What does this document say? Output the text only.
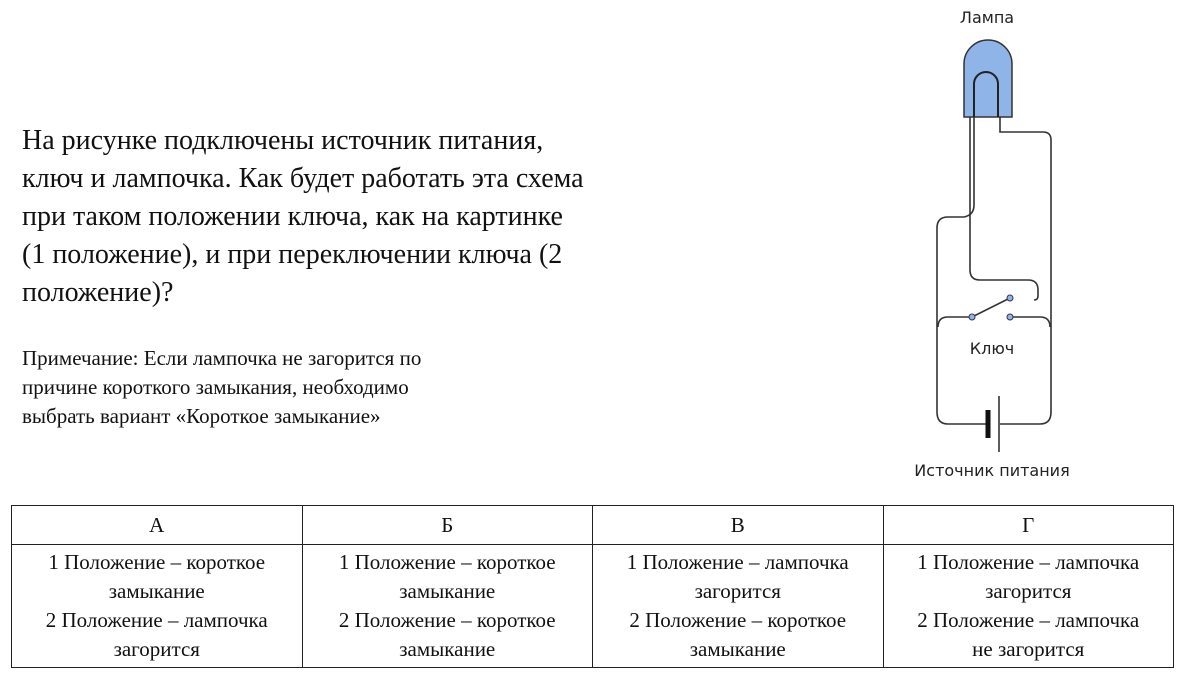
На рисунке подключены источник питания,
ключ и лампочка. Как будет работать эта схема
при таком положении ключа, как на картинке
(1 положение), и при переключении ключа (2
положение)?
Примечание: Если лампочка не загорится по
причине короткого замыкания, необходимо
выбрать вариант «Короткое замыкание»
Лампа
Ключ
Источник питания
А	Б	В	Г

1 Положение – короткое
замыкание
2 Положение – лампочка
загорится	1 Положение – короткое
замыкание
2 Положение – короткое
замыкание	1 Положение – лампочка
загорится
2 Положение – короткое
замыкание	1 Положение – лампочка
загорится
2 Положение – лампочка
не загорится
